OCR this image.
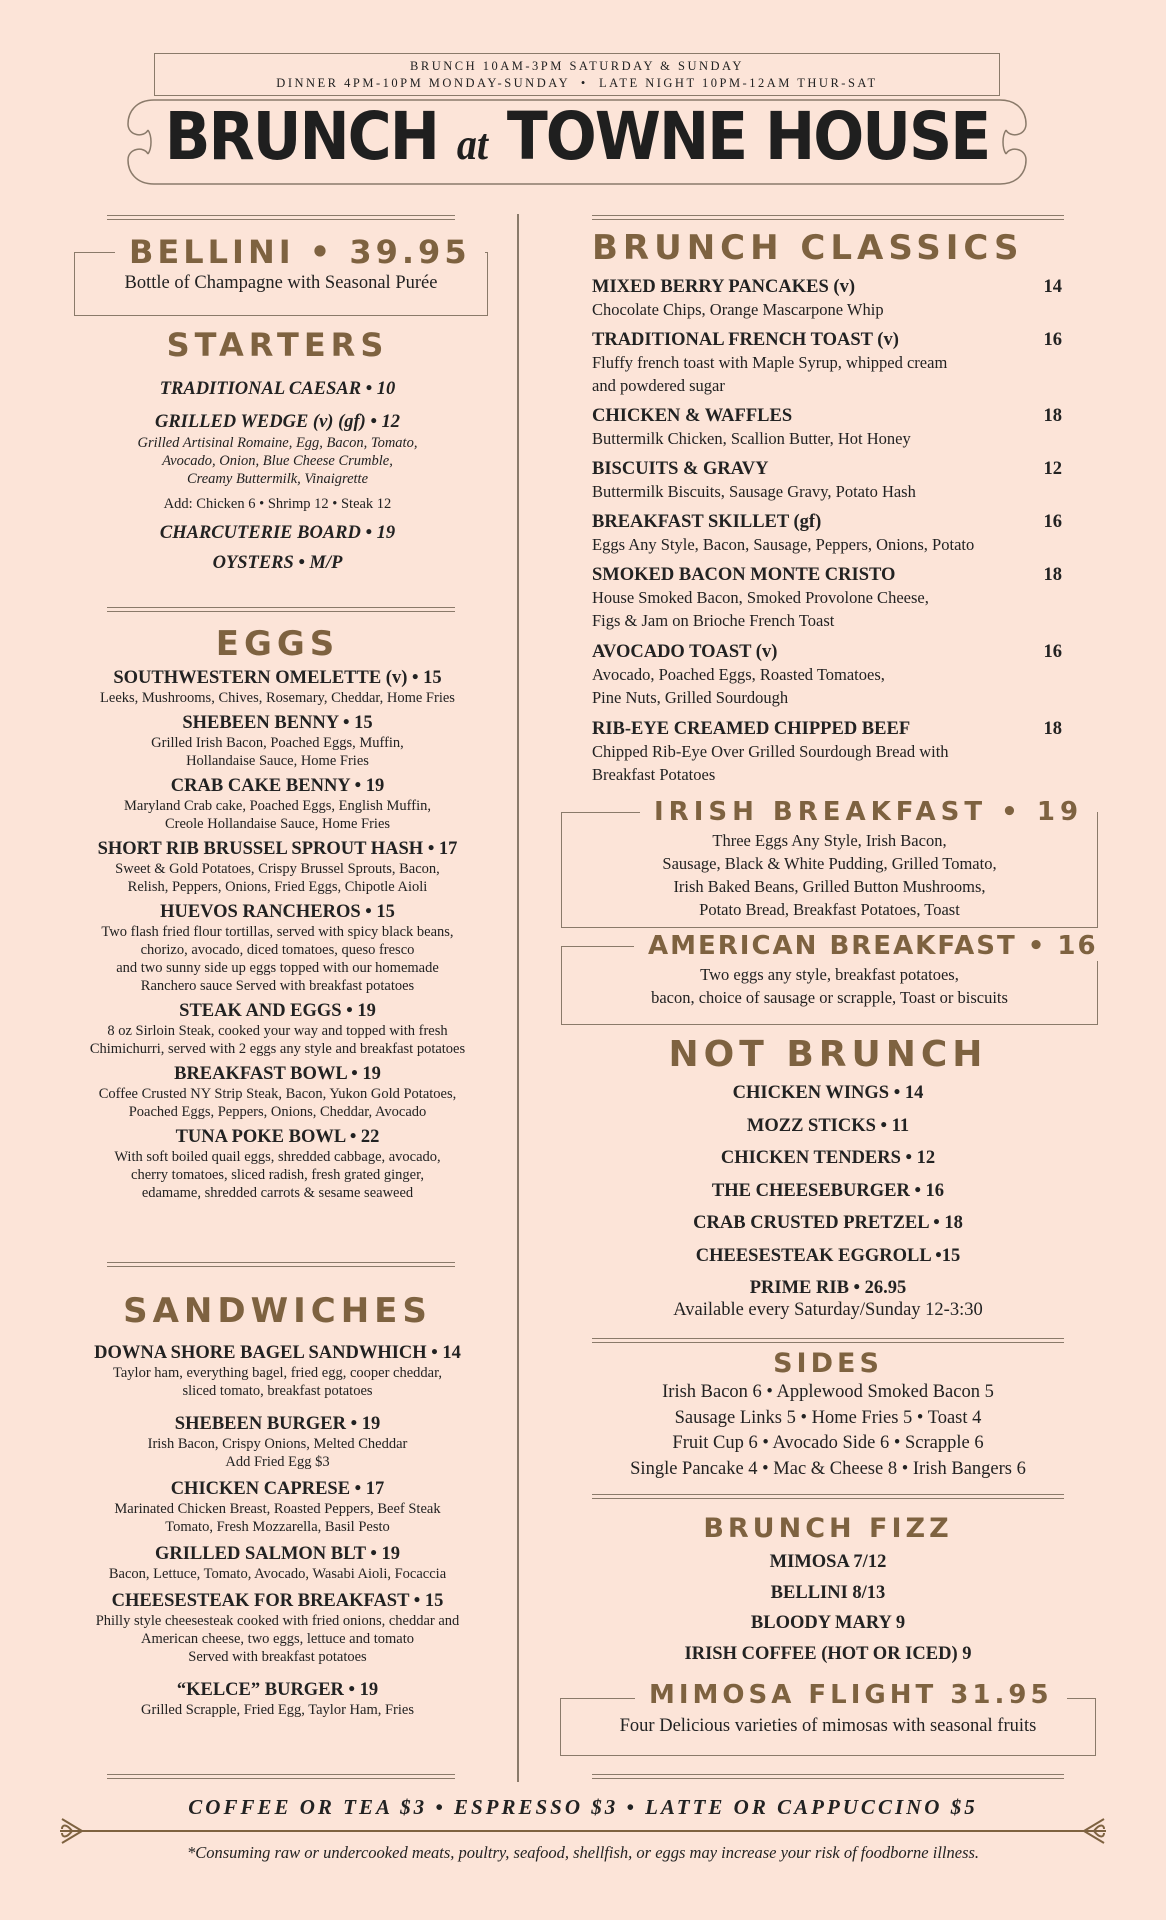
BRUNCH 10AM-3PM SATURDAY & SUNDAY
DINNER 4PM-10PM MONDAY-SUNDAY  •  LATE NIGHT 10PM-12AM THUR-SAT
BRUNCH at TOWNE HOUSE
BELLINI • 39.95
Bottle of Champagne with Seasonal Purée
STARTERS
TRADITIONAL CAESAR • 10
GRILLED WEDGE (v) (gf) • 12
Grilled Artisinal Romaine, Egg, Bacon, Tomato,
Avocado, Onion, Blue Cheese Crumble,
Creamy Buttermilk, Vinaigrette
Add: Chicken 6 • Shrimp 12 • Steak 12
CHARCUTERIE BOARD • 19
OYSTERS • M/P
EGGS
SOUTHWESTERN OMELETTE (v) • 15
Leeks, Mushrooms, Chives, Rosemary, Cheddar, Home Fries
SHEBEEN BENNY • 15
Grilled Irish Bacon, Poached Eggs, Muffin,
Hollandaise Sauce, Home Fries
CRAB CAKE BENNY • 19
Maryland Crab cake, Poached Eggs, English Muffin,
Creole Hollandaise Sauce, Home Fries
SHORT RIB BRUSSEL SPROUT HASH • 17
Sweet & Gold Potatoes, Crispy Brussel Sprouts, Bacon,
Relish, Peppers, Onions, Fried Eggs, Chipotle Aioli
HUEVOS RANCHEROS • 15
Two flash fried flour tortillas, served with spicy black beans,
chorizo, avocado, diced tomatoes, queso fresco
and two sunny side up eggs topped with our homemade
Ranchero sauce Served with breakfast potatoes
STEAK AND EGGS • 19
8 oz Sirloin Steak, cooked your way and topped with fresh
Chimichurri, served with 2 eggs any style and breakfast potatoes
BREAKFAST BOWL • 19
Coffee Crusted NY Strip Steak, Bacon, Yukon Gold Potatoes,
Poached Eggs, Peppers, Onions, Cheddar, Avocado
TUNA POKE BOWL • 22
With soft boiled quail eggs, shredded cabbage, avocado,
cherry tomatoes, sliced radish, fresh grated ginger,
edamame, shredded carrots & sesame seaweed
SANDWICHES
DOWNA SHORE BAGEL SANDWHICH • 14
Taylor ham, everything bagel, fried egg, cooper cheddar,
sliced tomato, breakfast potatoes
SHEBEEN BURGER • 19
Irish Bacon, Crispy Onions, Melted Cheddar
Add Fried Egg $3
CHICKEN CAPRESE • 17
Marinated Chicken Breast, Roasted Peppers, Beef Steak
Tomato, Fresh Mozzarella, Basil Pesto
GRILLED SALMON BLT • 19
Bacon, Lettuce, Tomato, Avocado, Wasabi Aioli, Focaccia
CHEESESTEAK FOR BREAKFAST • 15
Philly style cheesesteak cooked with fried onions, cheddar and
American cheese, two eggs, lettuce and tomato
Served with breakfast potatoes
“KELCE” BURGER • 19
Grilled Scrapple, Fried Egg, Taylor Ham, Fries
BRUNCH CLASSICS
MIXED BERRY PANCAKES (v)	14
Chocolate Chips, Orange Mascarpone Whip
TRADITIONAL FRENCH TOAST (v)	16
Fluffy french toast with Maple Syrup, whipped cream
and powdered sugar
CHICKEN & WAFFLES	18
Buttermilk Chicken, Scallion Butter, Hot Honey
BISCUITS & GRAVY	12
Buttermilk Biscuits, Sausage Gravy, Potato Hash
BREAKFAST SKILLET (gf)	16
Eggs Any Style, Bacon, Sausage, Peppers, Onions, Potato
SMOKED BACON MONTE CRISTO	18
House Smoked Bacon, Smoked Provolone Cheese,
Figs & Jam on Brioche French Toast
AVOCADO TOAST (v)	16
Avocado, Poached Eggs, Roasted Tomatoes,
Pine Nuts, Grilled Sourdough
RIB-EYE CREAMED CHIPPED BEEF	18
Chipped Rib-Eye Over Grilled Sourdough Bread with
Breakfast Potatoes
IRISH BREAKFAST • 19
Three Eggs Any Style, Irish Bacon,
Sausage, Black & White Pudding, Grilled Tomato,
Irish Baked Beans, Grilled Button Mushrooms,
Potato Bread, Breakfast Potatoes, Toast
AMERICAN BREAKFAST • 16
Two eggs any style, breakfast potatoes,
bacon, choice of sausage or scrapple, Toast or biscuits
NOT BRUNCH
CHICKEN WINGS • 14
MOZZ STICKS • 11
CHICKEN TENDERS • 12
THE CHEESEBURGER • 16
CRAB CRUSTED PRETZEL • 18
CHEESESTEAK EGGROLL •15
PRIME RIB • 26.95
Available every Saturday/Sunday 12-3:30
SIDES
Irish Bacon 6 • Applewood Smoked Bacon 5
Sausage Links 5 • Home Fries 5 • Toast 4
Fruit Cup 6 • Avocado Side 6 • Scrapple 6
Single Pancake 4 • Mac & Cheese 8 • Irish Bangers 6
BRUNCH FIZZ
MIMOSA 7/12
BELLINI 8/13
BLOODY MARY 9
IRISH COFFEE (HOT OR ICED) 9
MIMOSA FLIGHT 31.95
Four Delicious varieties of mimosas with seasonal fruits
COFFEE OR TEA $3 • ESPRESSO $3 • LATTE OR CAPPUCCINO $5
*Consuming raw or undercooked meats, poultry, seafood, shellfish, or eggs may increase your risk of foodborne illness.
